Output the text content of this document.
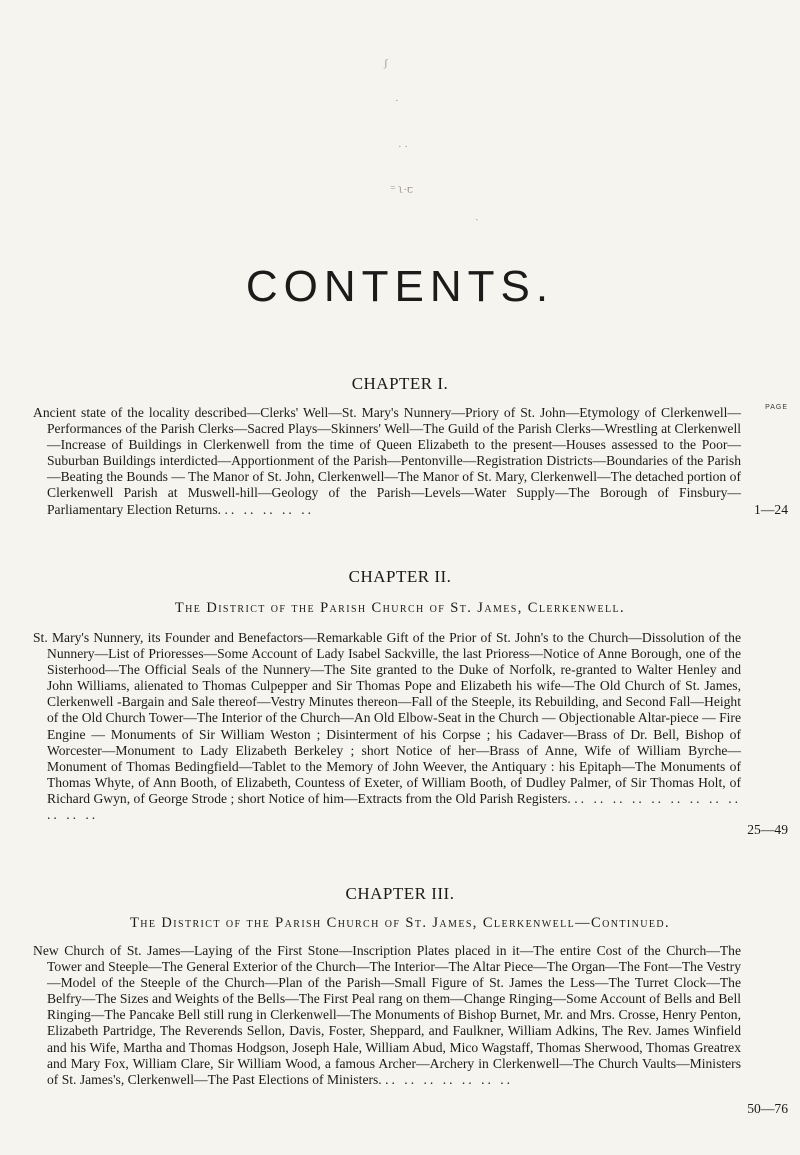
ʃ
·
· ·
⁼ ʅ·ꞇ
ˎ
CONTENTS.
CHAPTER I.
PAGE
Ancient state of the locality described—Clerks' Well—St. Mary's Nunnery—Priory of St. John—Etymology of Clerkenwell—Performances of the Parish Clerks—Sacred Plays—Skinners' Well—The Guild of the Parish Clerks—Wrestling at Clerkenwell—Increase of Buildings in Clerkenwell from the time of Queen Elizabeth to the present—Houses assessed to the Poor—Suburban Buildings interdicted—Apportionment of the Parish—Pentonville—Registration Districts—Boundaries of the Parish—Beating the Bounds — The Manor of St. John, Clerkenwell—The Manor of St. Mary, Clerkenwell—The detached portion of Clerkenwell Parish at Muswell-hill—Geology of the Parish—Levels—Water Supply—The Borough of Finsbury—Parliamentary Election Returns. .. .. .. .. ..	1—24
CHAPTER II.
The District of the Parish Church of St. James, Clerkenwell.
St. Mary's Nunnery, its Founder and Benefactors—Remarkable Gift of the Prior of St. John's to the Church—Dissolution of the Nunnery—List of Prioresses—Some Account of Lady Isabel Sackville, the last Prioress—Notice of Anne Borough, one of the Sisterhood—The Official Seals of the Nunnery—The Site granted to the Duke of Norfolk, re-granted to Walter Henley and John Williams, alienated to Thomas Culpepper and Sir Thomas Pope and Elizabeth his wife—The Old Church of St. James, Clerkenwell -Bargain and Sale thereof—Vestry Minutes thereon—Fall of the Steeple, its Rebuilding, and Second Fall—Height of the Old Church Tower—The Interior of the Church—An Old Elbow-Seat in the Church — Objectionable Altar-piece — Fire Engine — Monuments of Sir William Weston ; Disinterment of his Corpse ; his Cadaver—Brass of Dr. Bell, Bishop of Worcester—Monument to Lady Elizabeth Berkeley ; short Notice of her—Brass of Anne, Wife of William Byrche—Monument of Thomas Bedingfield—Tablet to the Memory of John Weever, the Antiquary : his Epitaph—The Monuments of Thomas Whyte, of Ann Booth, of Elizabeth, Countess of Exeter, of William Booth, of Dudley Palmer, of Sir Thomas Holt, of Richard Gwyn, of George Strode ; short Notice of him—Extracts from the Old Parish Registers. .. .. .. .. .. .. .. .. .. .. .. ..
25—49
CHAPTER III.
The District of the Parish Church of St. James, Clerkenwell—Continued.
New Church of St. James—Laying of the First Stone—Inscription Plates placed in it—The entire Cost of the Church—The Tower and Steeple—The General Exterior of the Church—The Interior—The Altar Piece—The Organ—The Font—The Vestry—Model of the Steeple of the Church—Plan of the Parish—Small Figure of St. James the Less—The Turret Clock—The Belfry—The Sizes and Weights of the Bells—The First Peal rang on them—Change Ringing—Some Account of Bells and Bell Ringing—The Pancake Bell still rung in Clerkenwell—The Monuments of Bishop Burnet, Mr. and Mrs. Crosse, Henry Penton, Elizabeth Partridge, The Reverends Sellon, Davis, Foster, Sheppard, and Faulkner, William Adkins, The Rev. James Winfield and his Wife, Martha and Thomas Hodgson, Joseph Hale, William Abud, Mico Wagstaff, Thomas Sherwood, Thomas Greatrex and Mary Fox, William Clare, Sir William Wood, a famous Archer—Archery in Clerkenwell—The Church Vaults—Ministers of St. James's, Clerkenwell—The Past Elections of Ministers. .. .. .. .. .. .. ..
50—76
